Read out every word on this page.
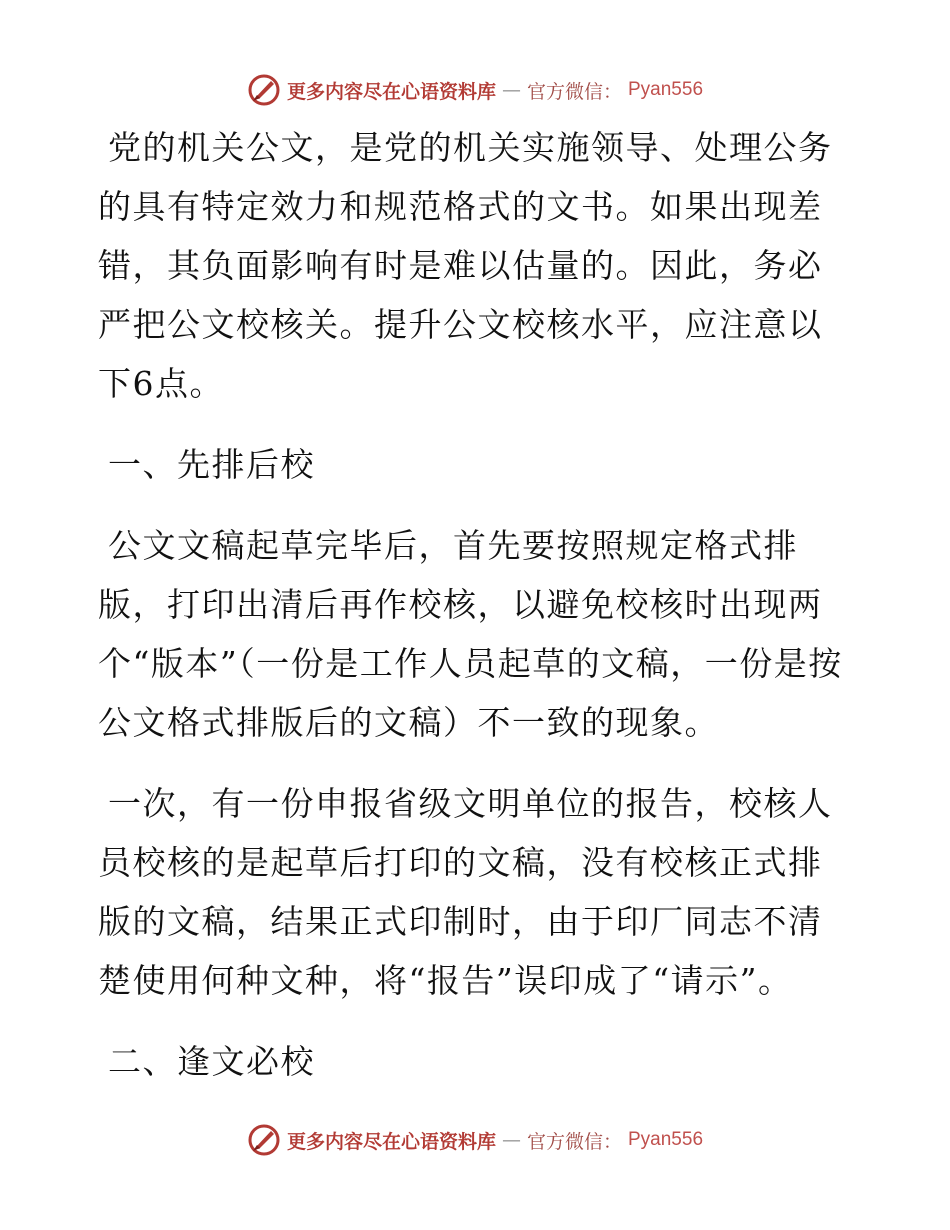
更多内容尽在心语资料库 — 官方微信： Pyan556

党的机关公文，是党的机关实施领导、处理公务的具有特定效力和规范格式的文书。如果出现差错，其负面影响有时是难以估量的。因此，务必严把公文校核关。提升公文校核水平，应注意以下6点。

一、先排后校

公文文稿起草完毕后，首先要按照规定格式排版，打印出清后再作校核，以避免校核时出现两个“版本”（一份是工作人员起草的文稿，一份是按公文格式排版后的文稿）不一致的现象。

一次，有一份申报省级文明单位的报告，校核人员校核的是起草后打印的文稿，没有校核正式排版的文稿，结果正式印制时，由于印厂同志不清楚使用何种文种，将“报告”误印成了“请示”。

二、逢文必校

更多内容尽在心语资料库 — 官方微信： Pyan556
